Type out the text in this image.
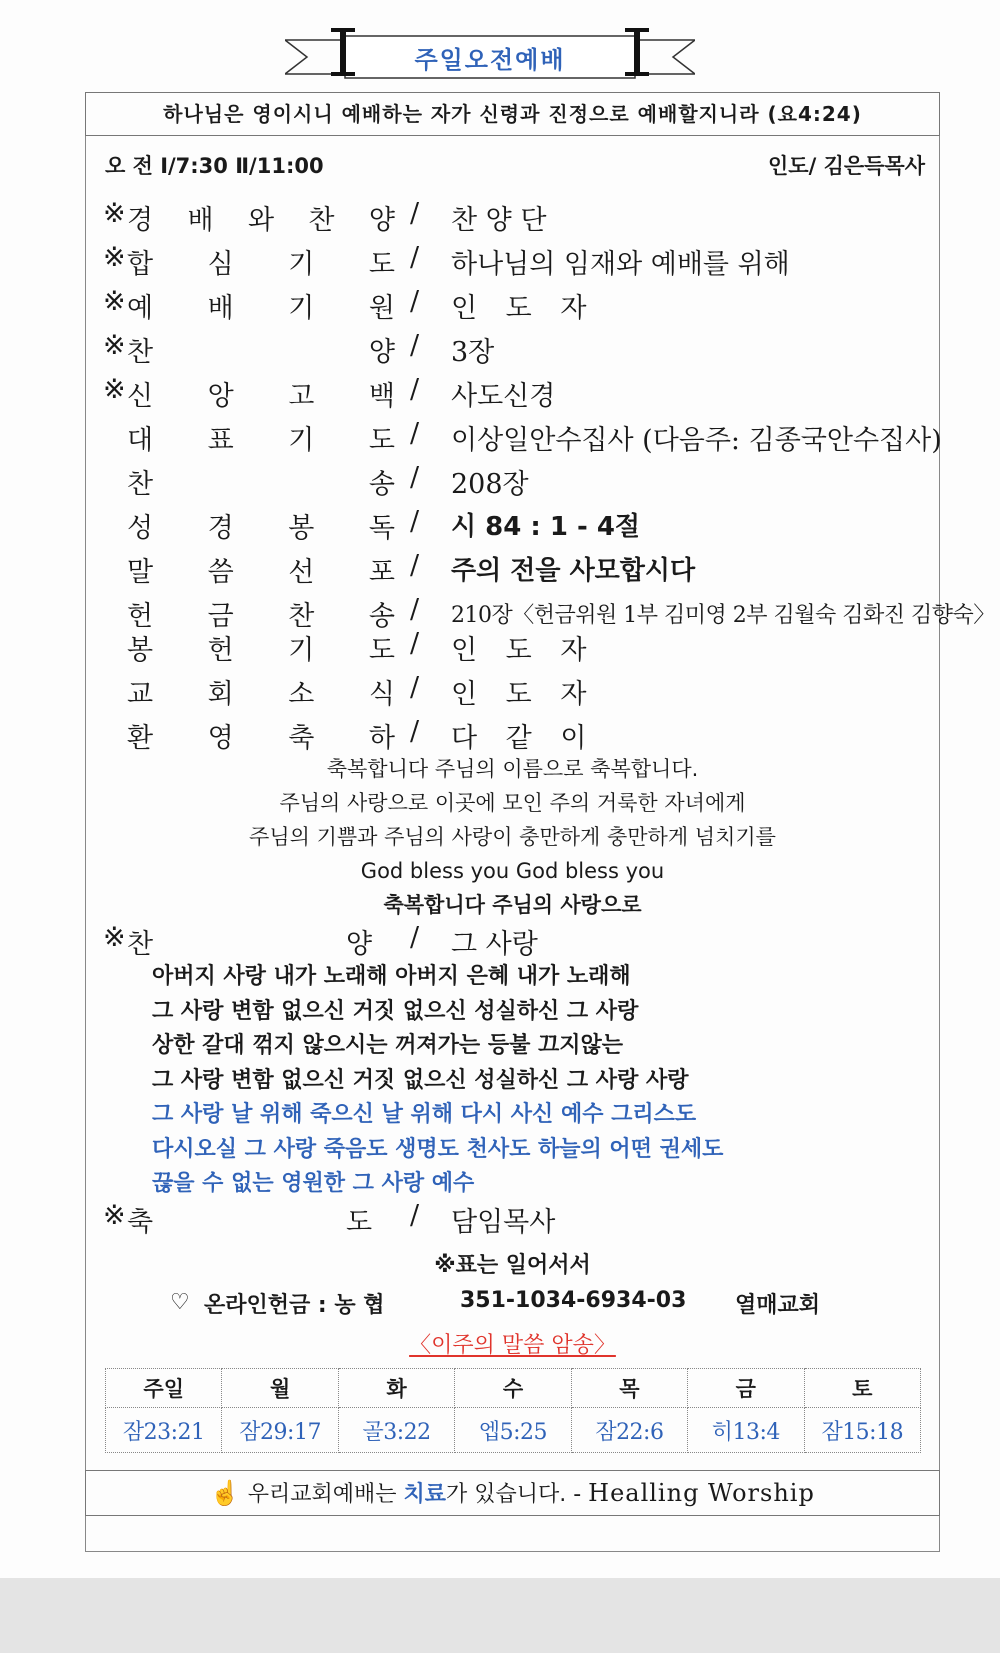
주일오전예배
하나님은 영이시니 예배하는 자가 신령과 진정으로 예배할지니라 (요4:24)
오 전 Ⅰ/7:30 Ⅱ/11:00	인도/ 김은득목사
※ 경 배 와 찬 양 / 찬 양 단
※ 합 심 기 도 / 하나님의 임재와 예배를 위해
※ 예 배 기 원 / 인 도 자
※ 찬	양 / 3장
※ 신 앙 고 백 / 사도신경
대 표 기 도 / 이상일안수집사 (다음주: 김종국안수집사)
찬	송 / 208장
성 경 봉 독 / 시 84 : 1 - 4절
말 씀 선 포 / 주의 전을 사모합시다
헌 금 찬 송 / 210장〈헌금위원 1부 김미영 2부 김월숙 김화진 김향숙〉
봉 헌 기 도 / 인 도 자
교 회 소 식 / 인 도 자
환 영 축 하 / 다 같 이
축복합니다 주님의 이름으로 축복합니다.
주님의 사랑으로 이곳에 모인 주의 거룩한 자녀에게
주님의 기쁨과 주님의 사랑이 충만하게 충만하게 넘치기를
God bless you God bless you
축복합니다 주님의 사랑으로
※ 찬	양 / 그 사랑
아버지 사랑 내가 노래해 아버지 은혜 내가 노래해
그 사랑 변함 없으신 거짓 없으신 성실하신 그 사랑
상한 갈대 꺾지 않으시는 꺼져가는 등불 끄지않는
그 사랑 변함 없으신 거짓 없으신 성실하신 그 사랑 사랑
그 사랑 날 위해 죽으신 날 위해 다시 사신 예수 그리스도
다시오실 그 사랑 죽음도 생명도 천사도 하늘의 어떤 권세도
끊을 수 없는 영원한 그 사랑 예수
※ 축	도 / 담임목사
※표는 일어서서
♡ 온라인헌금 : 농 협	351-1034-6934-03 열매교회
〈이주의 말씀 암송〉
주일	월	화	수	목	금	토
잠23:21	잠29:17	골3:22	엡5:25	잠22:6	히13:4	잠15:18
☝ 우리교회예배는 치료가 있습니다. - Healling Worship
